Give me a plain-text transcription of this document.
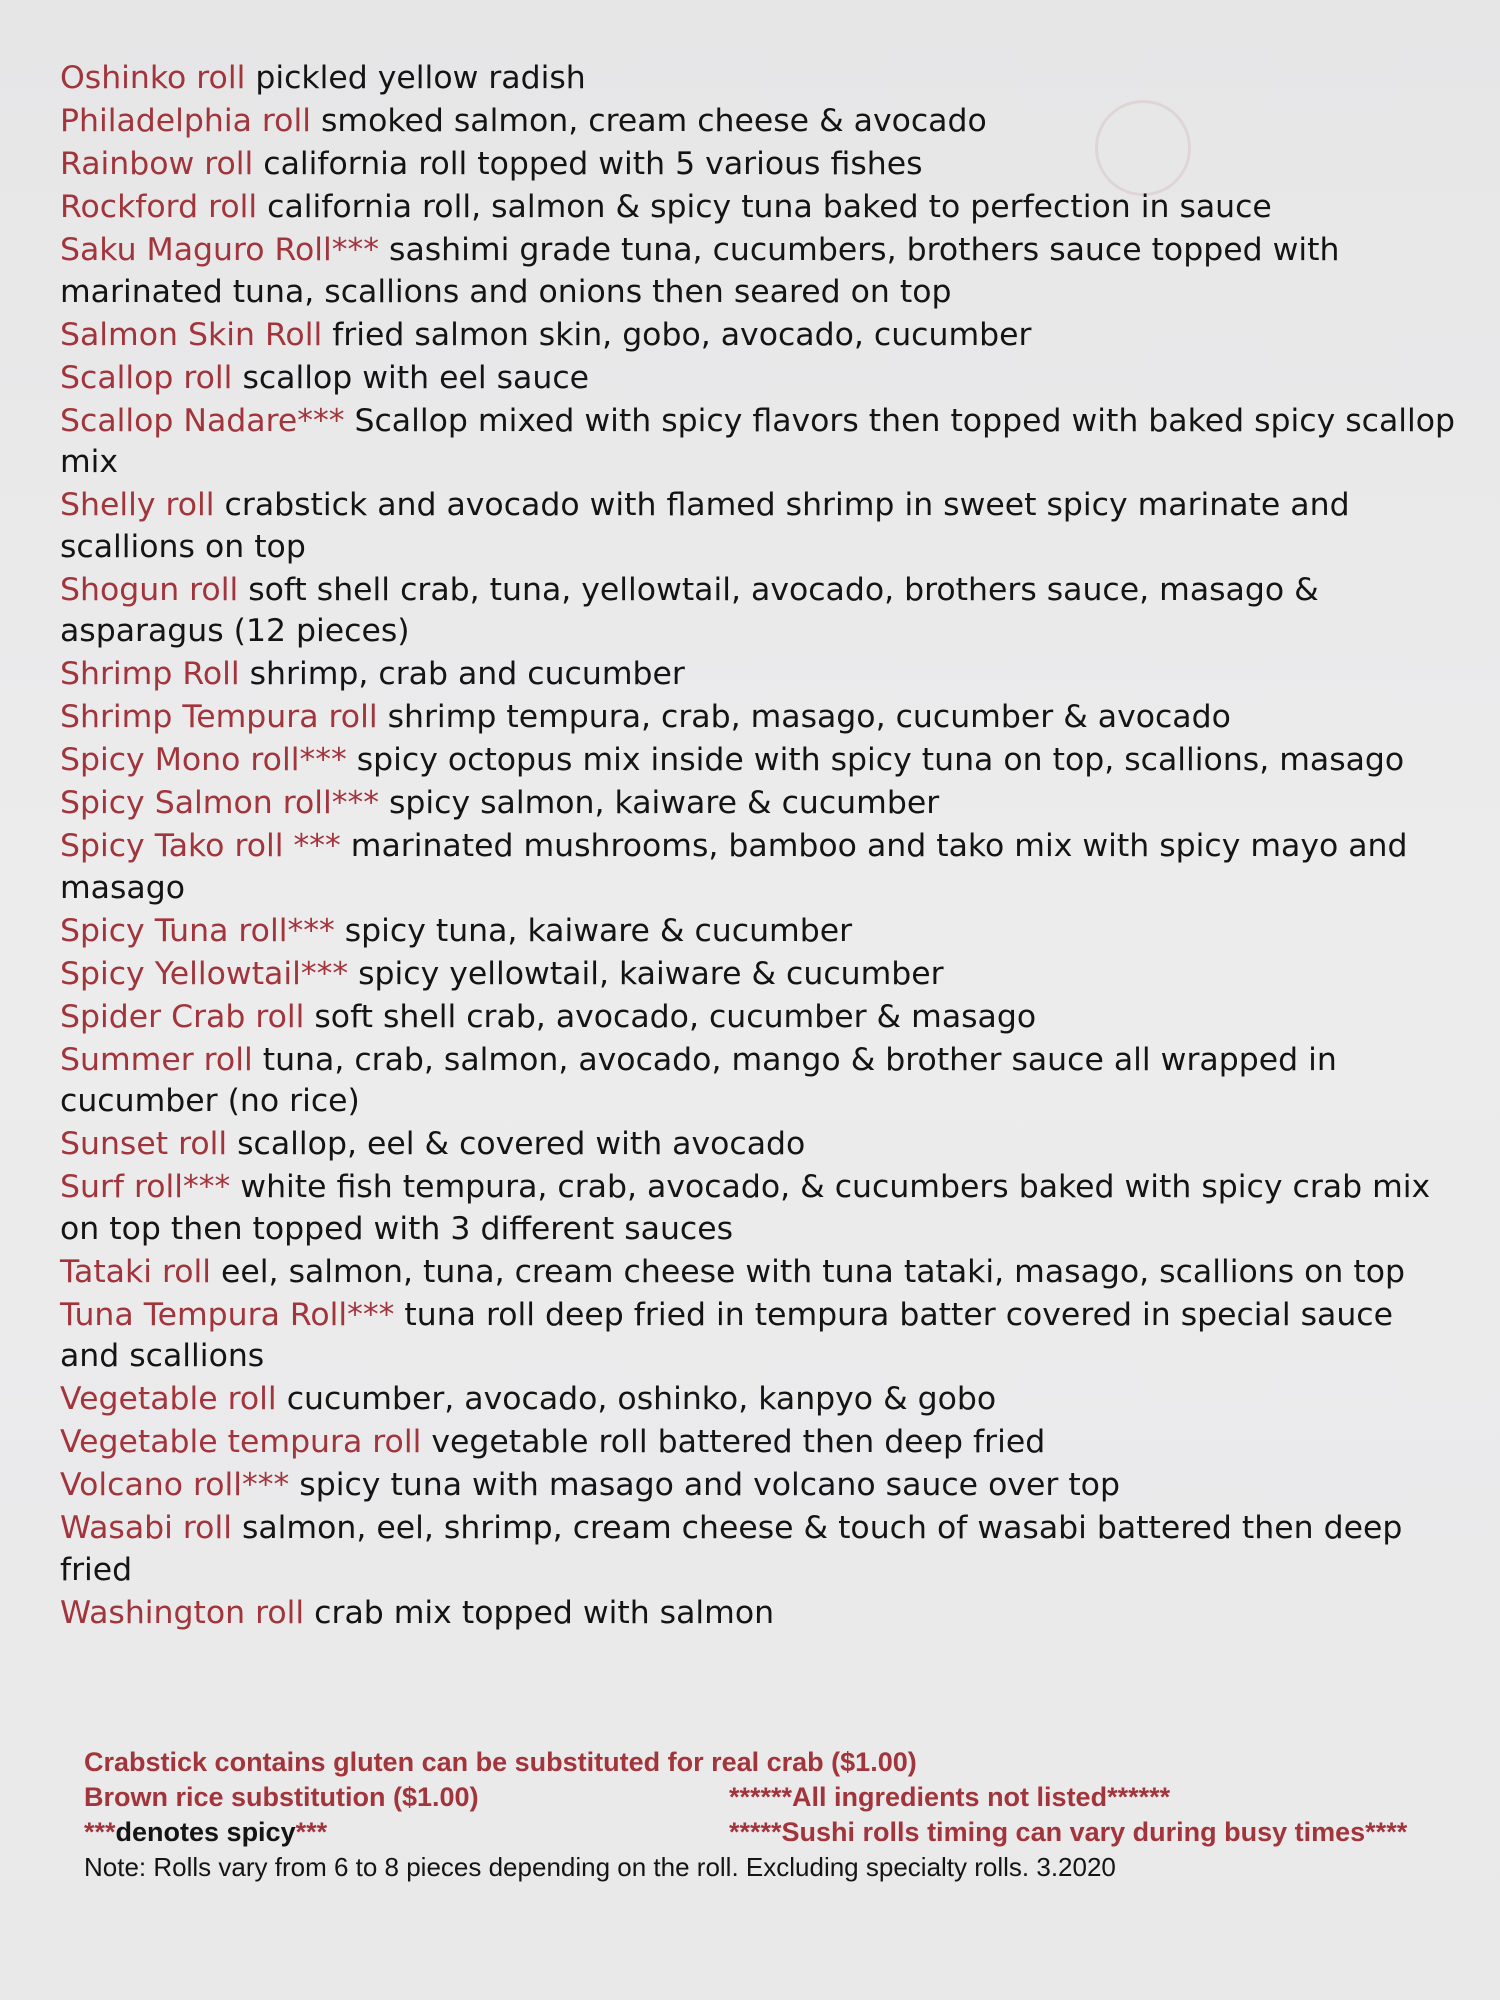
Oshinko roll pickled yellow radish
Philadelphia roll smoked salmon, cream cheese & avocado
Rainbow roll california roll topped with 5 various fishes
Rockford roll california roll, salmon & spicy tuna baked to perfection in sauce
Saku Maguro Roll*** sashimi grade tuna, cucumbers, brothers sauce topped with marinated tuna, scallions and onions then seared on top
Salmon Skin Roll fried salmon skin, gobo, avocado, cucumber
Scallop roll scallop with eel sauce
Scallop Nadare*** Scallop mixed with spicy flavors then topped with baked spicy scallop mix
Shelly roll crabstick and avocado with flamed shrimp in sweet spicy marinate and scallions on top
Shogun roll soft shell crab, tuna, yellowtail, avocado, brothers sauce, masago & asparagus (12 pieces)
Shrimp Roll shrimp, crab and cucumber
Shrimp Tempura roll shrimp tempura, crab, masago, cucumber & avocado
Spicy Mono roll*** spicy octopus mix inside with spicy tuna on top, scallions, masago
Spicy Salmon roll*** spicy salmon, kaiware & cucumber
Spicy Tako roll *** marinated mushrooms, bamboo and tako mix with spicy mayo and masago
Spicy Tuna roll*** spicy tuna, kaiware & cucumber
Spicy Yellowtail*** spicy yellowtail, kaiware & cucumber
Spider Crab roll soft shell crab, avocado, cucumber & masago
Summer roll tuna, crab, salmon, avocado, mango & brother sauce all wrapped in cucumber (no rice)
Sunset roll scallop, eel & covered with avocado
Surf roll*** white fish tempura, crab, avocado, & cucumbers baked with spicy crab mix on top then topped with 3 different sauces
Tataki roll eel, salmon, tuna, cream cheese with tuna tataki, masago, scallions on top
Tuna Tempura Roll*** tuna roll deep fried in tempura batter covered in special sauce and scallions
Vegetable roll cucumber, avocado, oshinko, kanpyo & gobo
Vegetable tempura roll vegetable roll battered then deep fried
Volcano roll*** spicy tuna with masago and volcano sauce over top
Wasabi roll salmon, eel, shrimp, cream cheese & touch of wasabi battered then deep fried
Washington roll crab mix topped with salmon
Crabstick contains gluten can be substituted for real crab ($1.00)
Brown rice substitution ($1.00)	******All ingredients not listed******
***denotes spicy***	*****Sushi rolls timing can vary during busy times****
Note: Rolls vary from 6 to 8 pieces depending on the roll. Excluding specialty rolls. 3.2020
